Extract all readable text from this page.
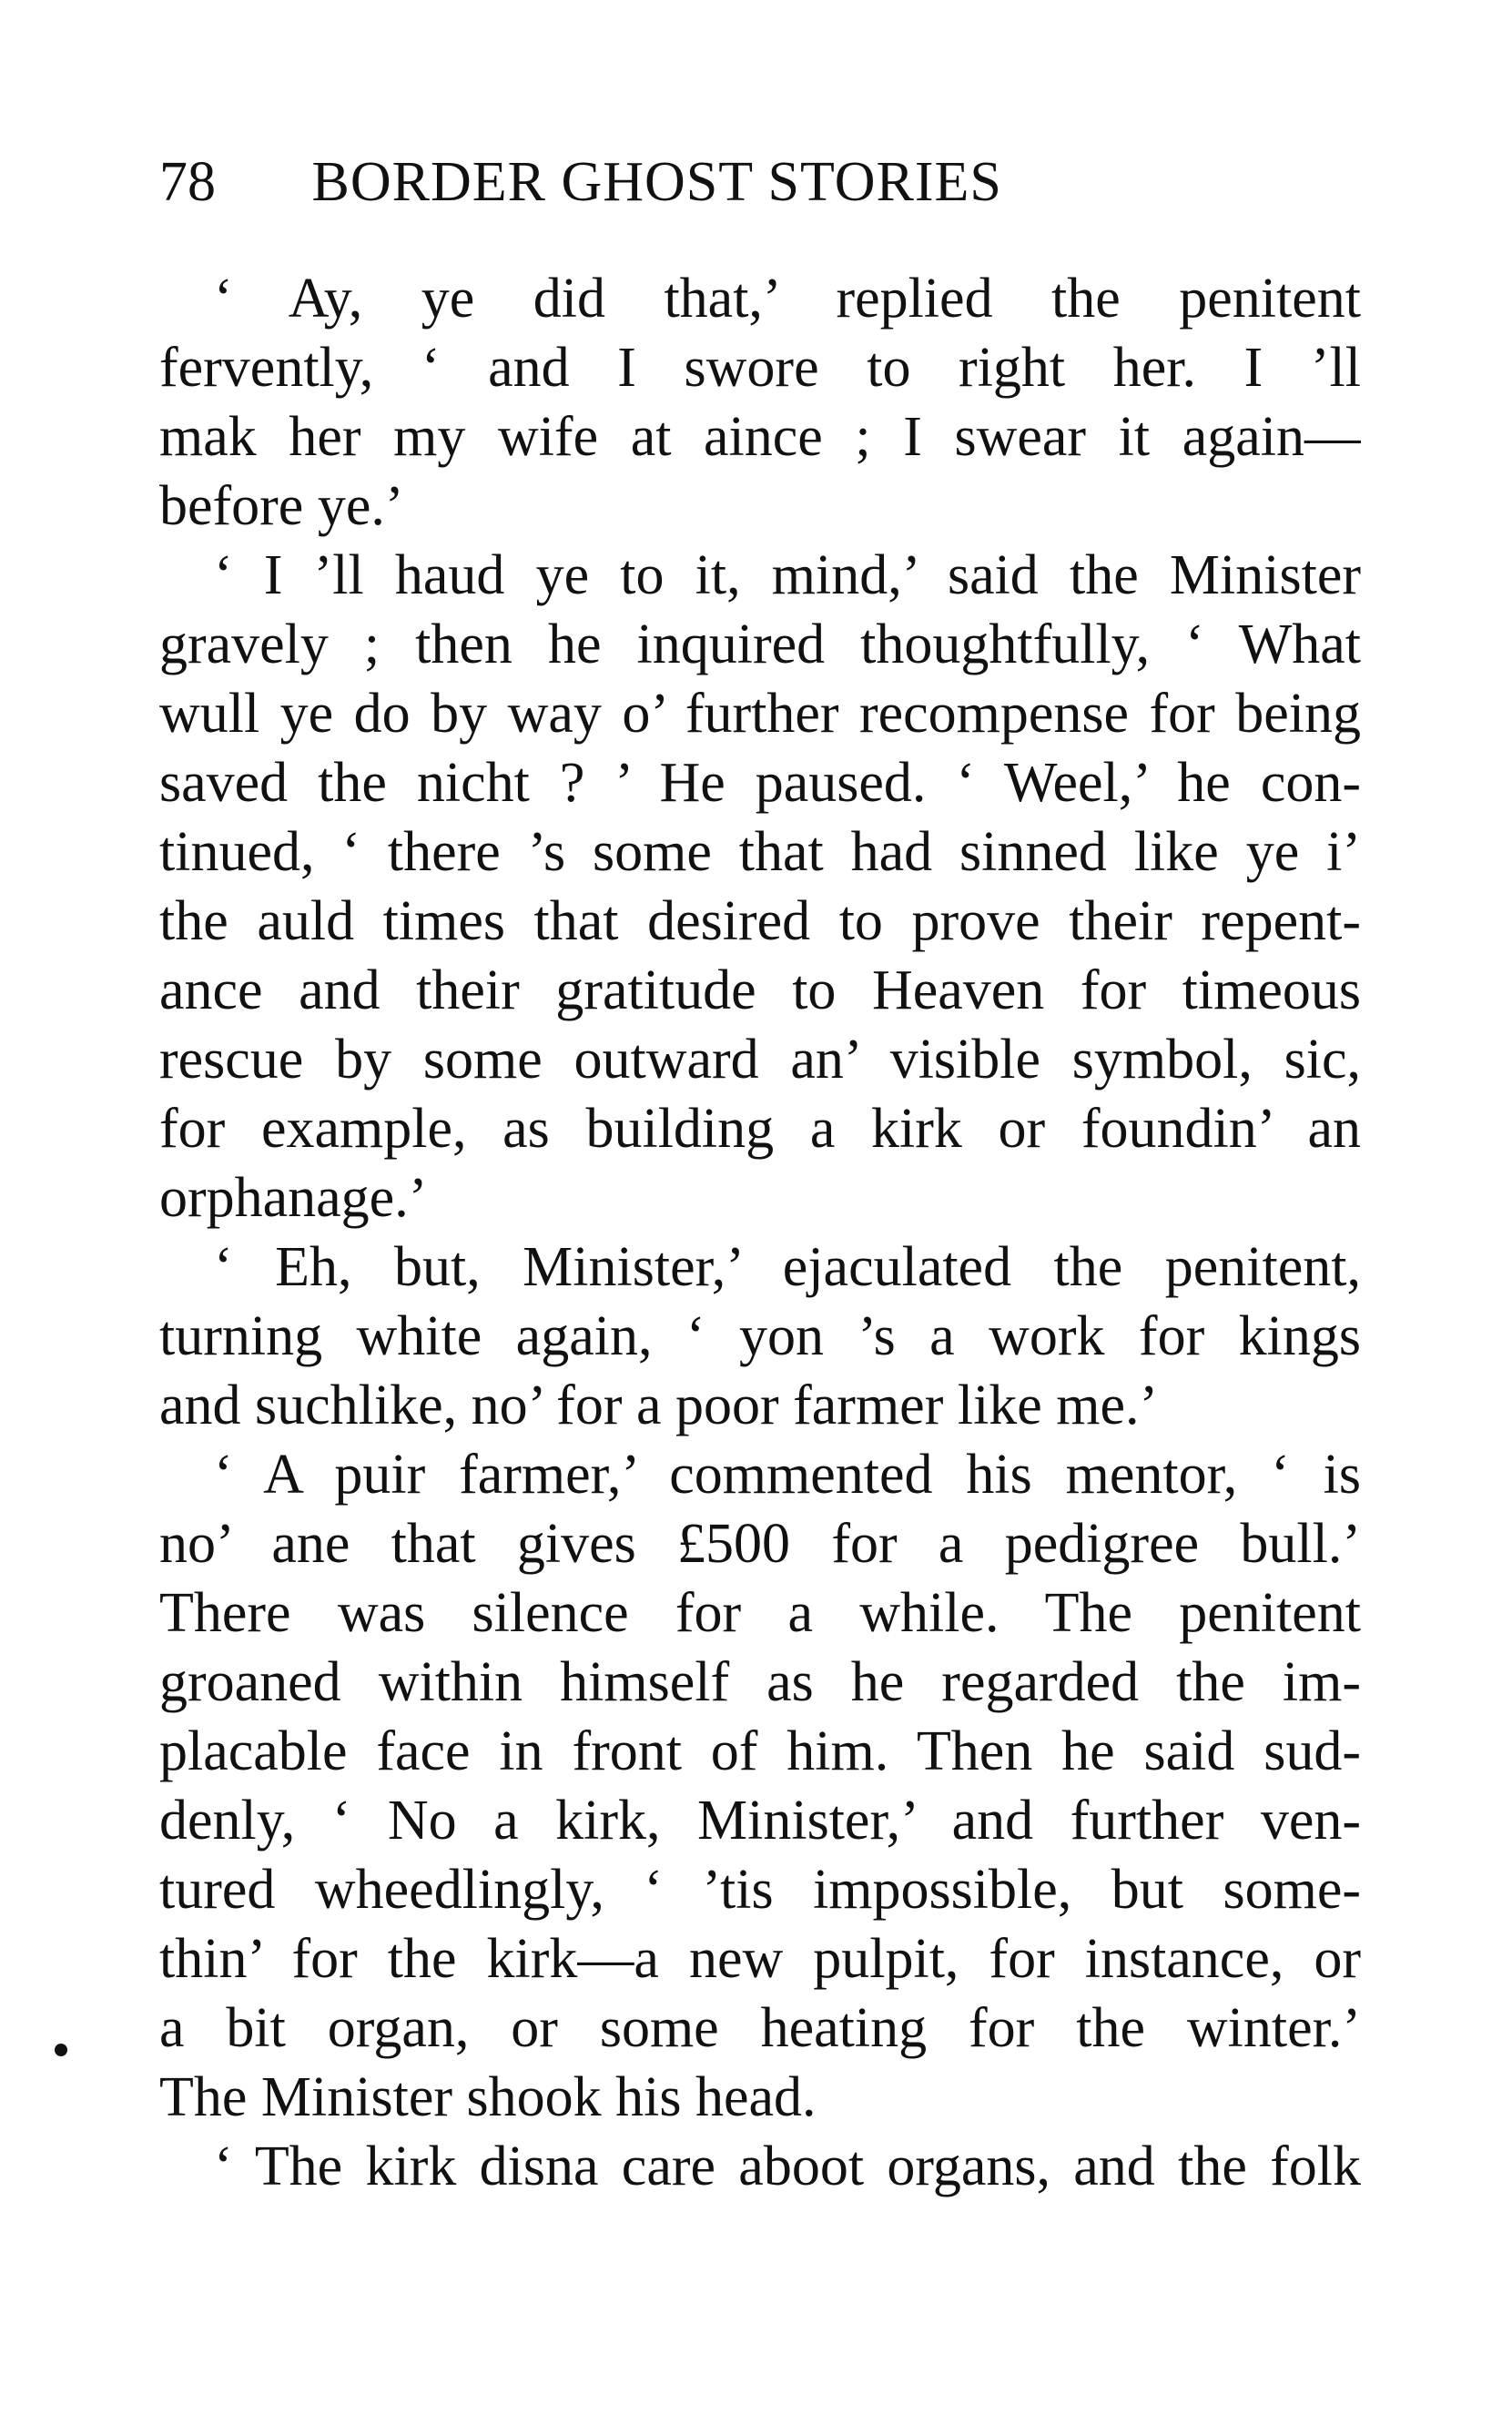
78 BORDER GHOST STORIES
‘ Ay, ye did that,’ replied the penitent
fervently, ‘ and I swore to right her. I ’ll
mak her my wife at aince ; I swear it again—
before ye.’
‘ I ’ll haud ye to it, mind,’ said the Minister
gravely ; then he inquired thoughtfully, ‘ What
wull ye do by way o’ further recompense for being
saved the nicht ? ’ He paused. ‘ Weel,’ he con-
tinued, ‘ there ’s some that had sinned like ye i’
the auld times that desired to prove their repent-
ance and their gratitude to Heaven for timeous
rescue by some outward an’ visible symbol, sic,
for example, as building a kirk or foundin’ an
orphanage.’
‘ Eh, but, Minister,’ ejaculated the penitent,
turning white again, ‘ yon ’s a work for kings
and suchlike, no’ for a poor farmer like me.’
‘ A puir farmer,’ commented his mentor, ‘ is
no’ ane that gives £500 for a pedigree bull.’
There was silence for a while. The penitent
groaned within himself as he regarded the im-
placable face in front of him. Then he said sud-
denly, ‘ No a kirk, Minister,’ and further ven-
tured wheedlingly, ‘ ’tis impossible, but some-
thin’ for the kirk—a new pulpit, for instance, or
a bit organ, or some heating for the winter.’
The Minister shook his head.
‘ The kirk disna care aboot organs, and the folk
